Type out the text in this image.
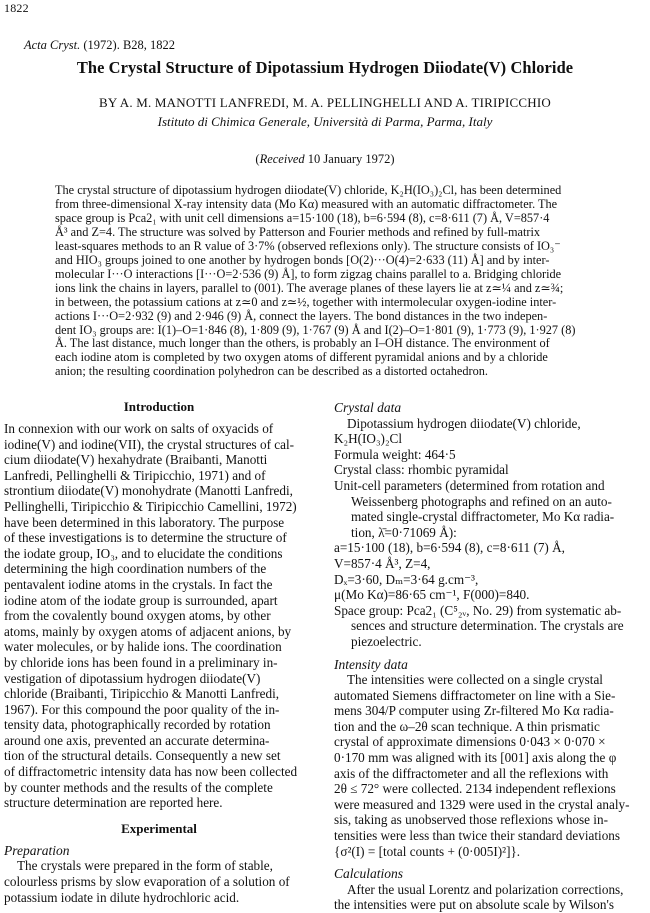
1822
Acta Cryst. (1972). B28, 1822
The Crystal Structure of Dipotassium Hydrogen Diiodate(V) Chloride
BY A. M. MANOTTI LANFREDI, M. A. PELLINGHELLI AND A. TIRIPICCHIO
Istituto di Chimica Generale, Università di Parma, Parma, Italy
(Received 10 January 1972)
The crystal structure of dipotassium hydrogen diiodate(V) chloride, K₂H(IO₃)₂Cl, has been determined
from three-dimensional X-ray intensity data (Mo Kα) measured with an automatic diffractometer. The
space group is Pca2₁ with unit cell dimensions a=15·100 (18), b=6·594 (8), c=8·611 (7) Å, V=857·4
Å³ and Z=4. The structure was solved by Patterson and Fourier methods and refined by full-matrix
least-squares methods to an R value of 3·7% (observed reflexions only). The structure consists of IO₃⁻
and HIO₃ groups joined to one another by hydrogen bonds [O(2)···O(4)=2·633 (11) Å] and by inter-
molecular I···O interactions [I···O=2·536 (9) Å], to form zigzag chains parallel to a. Bridging chloride
ions link the chains in layers, parallel to (001). The average planes of these layers lie at z≃¼ and z≃¾;
in between, the potassium cations at z≃0 and z≃½, together with intermolecular oxygen-iodine inter-
actions I···O=2·932 (9) and 2·946 (9) Å, connect the layers. The bond distances in the two indepen-
dent IO₃ groups are: I(1)–O=1·846 (8), 1·809 (9), 1·767 (9) Å and I(2)–O=1·801 (9), 1·773 (9), 1·927 (8)
Å. The last distance, much longer than the others, is probably an I–OH distance. The environment of
each iodine atom is completed by two oxygen atoms of different pyramidal anions and by a chloride
anion; the resulting coordination polyhedron can be described as a distorted octahedron.
Introduction
In connexion with our work on salts of oxyacids of
iodine(V) and iodine(VII), the crystal structures of cal-
cium diiodate(V) hexahydrate (Braibanti, Manotti
Lanfredi, Pellinghelli & Tiripicchio, 1971) and of
strontium diiodate(V) monohydrate (Manotti Lanfredi,
Pellinghelli, Tiripicchio & Tiripicchio Camellini, 1972)
have been determined in this laboratory. The purpose
of these investigations is to determine the structure of
the iodate group, IO₃, and to elucidate the conditions
determining the high coordination numbers of the
pentavalent iodine atoms in the crystals. In fact the
iodine atom of the iodate group is surrounded, apart
from the covalently bound oxygen atoms, by other
atoms, mainly by oxygen atoms of adjacent anions, by
water molecules, or by halide ions. The coordination
by chloride ions has been found in a preliminary in-
vestigation of dipotassium hydrogen diiodate(V)
chloride (Braibanti, Tiripicchio & Manotti Lanfredi,
1967). For this compound the poor quality of the in-
tensity data, photographically recorded by rotation
around one axis, prevented an accurate determina-
tion of the structural details. Consequently a new set
of diffractometric intensity data has now been collected
by counter methods and the results of the complete
structure determination are reported here.
Experimental
Preparation
The crystals were prepared in the form of stable,
colourless prisms by slow evaporation of a solution of
potassium iodate in dilute hydrochloric acid.
Crystal data
Dipotassium hydrogen diiodate(V) chloride,
K₂H(IO₃)₂Cl
Formula weight: 464·5
Crystal class: rhombic pyramidal
Unit-cell parameters (determined from rotation and
Weissenberg photographs and refined on an auto-
mated single-crystal diffractometer, Mo Kα radia-
tion, λ̄=0·71069 Å):
a=15·100 (18), b=6·594 (8), c=8·611 (7) Å,
V=857·4 Å³, Z=4,
Dₓ=3·60, Dₘ=3·64 g.cm⁻³,
μ(Mo Kα)=86·65 cm⁻¹, F(000)=840.
Space group: Pca2₁ (C⁵₂ᵥ, No. 29) from systematic ab-
sences and structure determination. The crystals are
piezoelectric.
Intensity data
The intensities were collected on a single crystal
automated Siemens diffractometer on line with a Sie-
mens 304/P computer using Zr-filtered Mo Kα radia-
tion and the ω–2θ scan technique. A thin prismatic
crystal of approximate dimensions 0·043 × 0·070 ×
0·170 mm was aligned with its [001] axis along the φ
axis of the diffractometer and all the reflexions with
2θ ≤ 72° were collected. 2134 independent reflexions
were measured and 1329 were used in the crystal analy-
sis, taking as unobserved those reflexions whose in-
tensities were less than twice their standard deviations
{σ²(I) = [total counts + (0·005I)²]}.
Calculations
After the usual Lorentz and polarization corrections,
the intensities were put on absolute scale by Wilson's
